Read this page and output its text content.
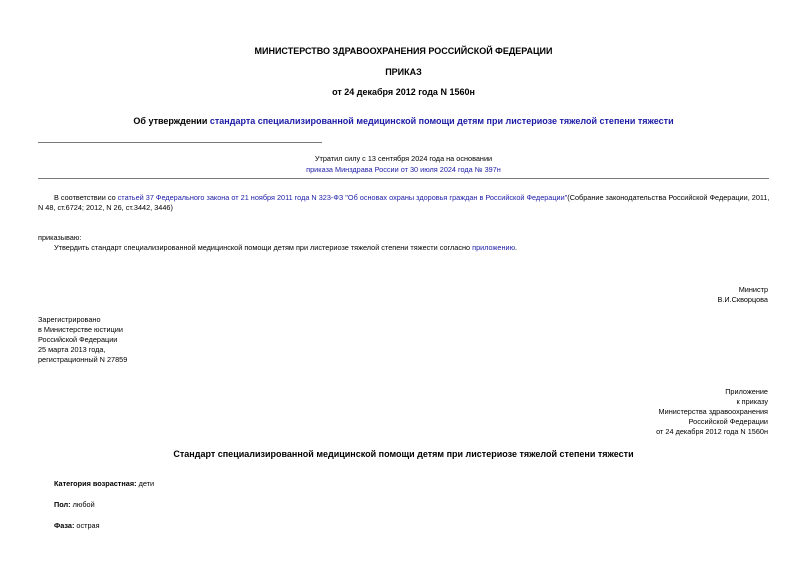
МИНИСТЕРСТВО ЗДРАВООХРАНЕНИЯ РОССИЙСКОЙ ФЕДЕРАЦИИ
ПРИКАЗ
от 24 декабря 2012 года N 1560н
Об утверждении стандарта специализированной медицинской помощи детям при листериозе тяжелой степени тяжести
Утратил силу с 13 сентября 2024 года на основании
приказа Минздрава России от 30 июля 2024 года № 397н
В соответствии со статьей 37 Федерального закона от 21 ноября 2011 года N 323-ФЗ "Об основах охраны здоровья граждан в Российской Федерации"(Собрание законодательства Российской Федерации, 2011,
N 48, ст.6724; 2012, N 26, ст.3442, 3446)
приказываю:
Утвердить стандарт специализированной медицинской помощи детям при листериозе тяжелой степени тяжести согласно приложению.
Министр
В.И.Скворцова
Зарегистрировано
в Министерстве юстиции
Российской Федерации
25 марта 2013 года,
регистрационный N 27859
Приложение
к приказу
Министерства здравоохранения
Российской Федерации
от 24 декабря 2012 года N 1560н
Стандарт специализированной медицинской помощи детям при листериозе тяжелой степени тяжести
Категория возрастная: дети
Пол: любой
Фаза: острая
